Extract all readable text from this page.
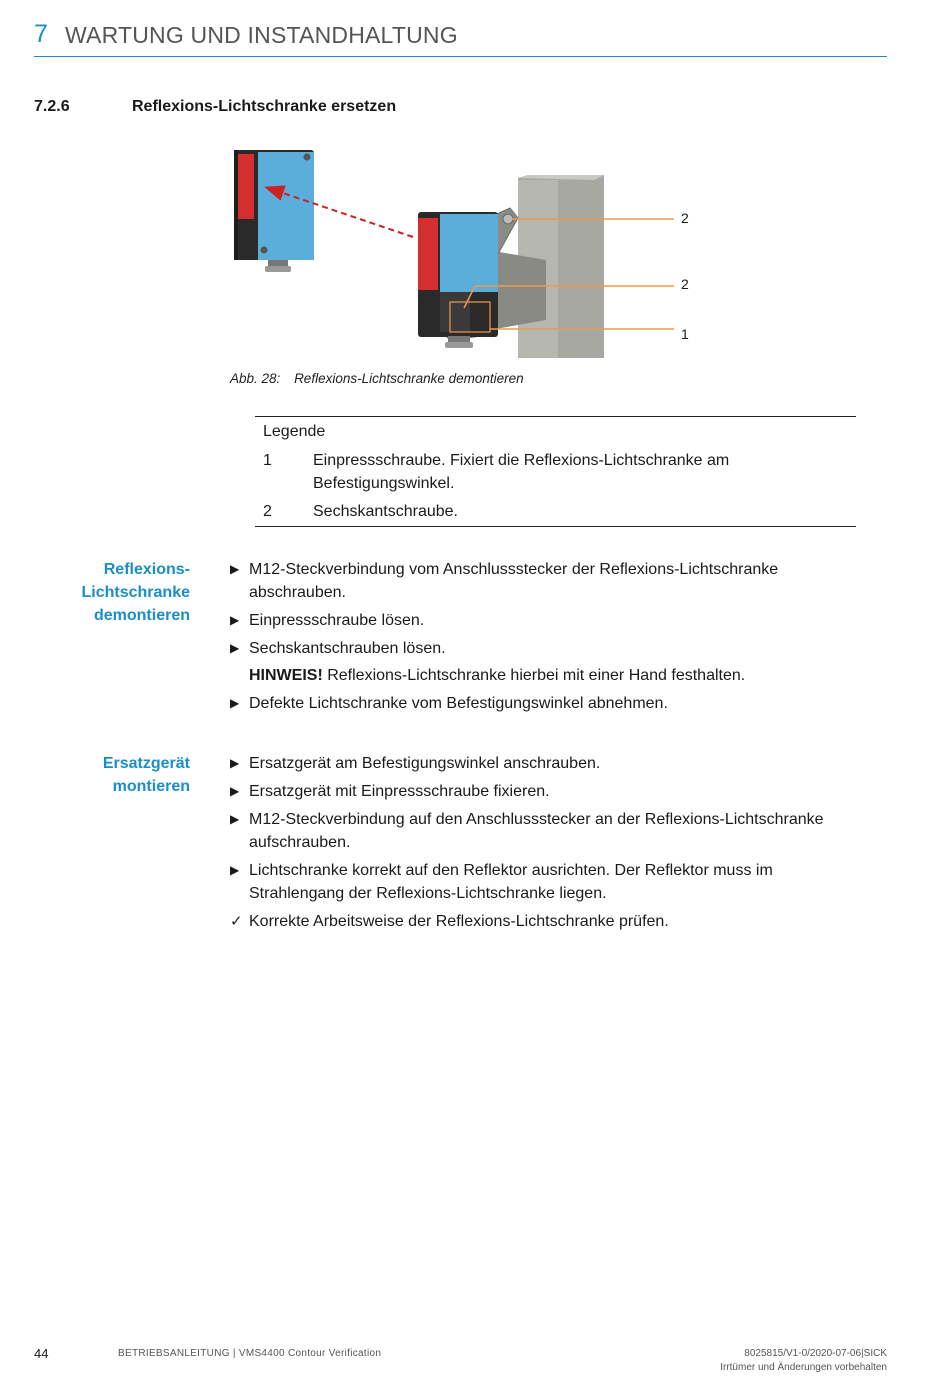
7 WARTUNG UND INSTANDHALTUNG
7.2.6	Reflexions-Lichtschranke ersetzen
2
2
1
Abb. 28: Reflexions-Lichtschranke demontieren
Legende
1	Einpressschraube. Fixiert die Reflexions-Lichtschranke am Befestigungswinkel.
2	Sechskantschraube.
Reflexions-
Lichtschranke
demontieren
▶ M12-Steckverbindung vom Anschlussstecker der Reflexions-Lichtschranke abschrauben.
▶ Einpressschraube lösen.
▶ Sechskantschrauben lösen.
HINWEIS! Reflexions-Lichtschranke hierbei mit einer Hand festhalten.
▶ Defekte Lichtschranke vom Befestigungswinkel abnehmen.
Ersatzgerät
montieren
▶ Ersatzgerät am Befestigungswinkel anschrauben.
▶ Ersatzgerät mit Einpressschraube fixieren.
▶ M12-Steckverbindung auf den Anschlussstecker an der Reflexions-Lichtschranke aufschrauben.
▶ Lichtschranke korrekt auf den Reflektor ausrichten. Der Reflektor muss im Strahlengang der Reflexions-Lichtschranke liegen.
✓ Korrekte Arbeitsweise der Reflexions-Lichtschranke prüfen.
44	BETRIEBSANLEITUNG | VMS4400 Contour Verification	8025815/V1-0/2020-07-06|SICK
Irrtümer und Änderungen vorbehalten
